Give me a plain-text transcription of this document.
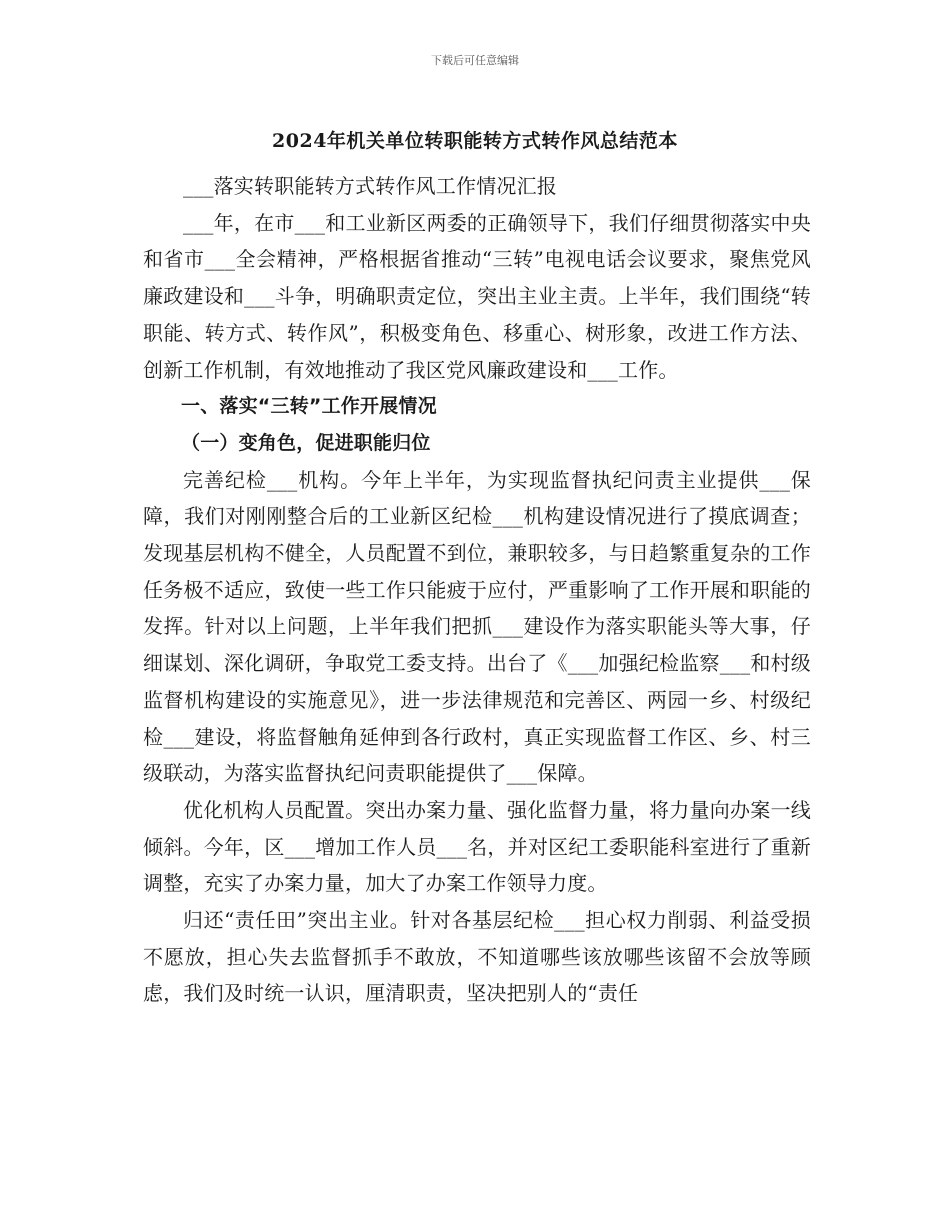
下载后可任意编辑
2024年机关单位转职能转方式转作风总结范本

___落实转职能转方式转作风工作情况汇报

___年，在市___和工业新区两委的正确领导下，我们仔细贯彻落实中央和省市___全会精神，严格根据省推动“三转”电视电话会议要求，聚焦党风廉政建设和___斗争，明确职责定位，突出主业主责。上半年，我们围绕“转职能、转方式、转作风”，积极变角色、移重心、树形象，改进工作方法、创新工作机制，有效地推动了我区党风廉政建设和___工作。

一、落实“三转”工作开展情况

（一）变角色，促进职能归位

完善纪检___机构。今年上半年，为实现监督执纪问责主业提供___保障，我们对刚刚整合后的工业新区纪检___机构建设情况进行了摸底调查；发现基层机构不健全，人员配置不到位，兼职较多，与日趋繁重复杂的工作任务极不适应，致使一些工作只能疲于应付，严重影响了工作开展和职能的发挥。针对以上问题，上半年我们把抓___建设作为落实职能头等大事，仔细谋划、深化调研，争取党工委支持。出台了《___加强纪检监察___和村级监督机构建设的实施意见》，进一步法律规范和完善区、两园一乡、村级纪检___建设，将监督触角延伸到各行政村，真正实现监督工作区、乡、村三级联动，为落实监督执纪问责职能提供了___保障。

优化机构人员配置。突出办案力量、强化监督力量，将力量向办案一线倾斜。今年，区___增加工作人员___名，并对区纪工委职能科室进行了重新调整，充实了办案力量，加大了办案工作领导力度。

归还“责任田”突出主业。针对各基层纪检___担心权力削弱、利益受损不愿放，担心失去监督抓手不敢放，不知道哪些该放哪些该留不会放等顾虑，我们及时统一认识，厘清职责，坚决把别人的“责任
